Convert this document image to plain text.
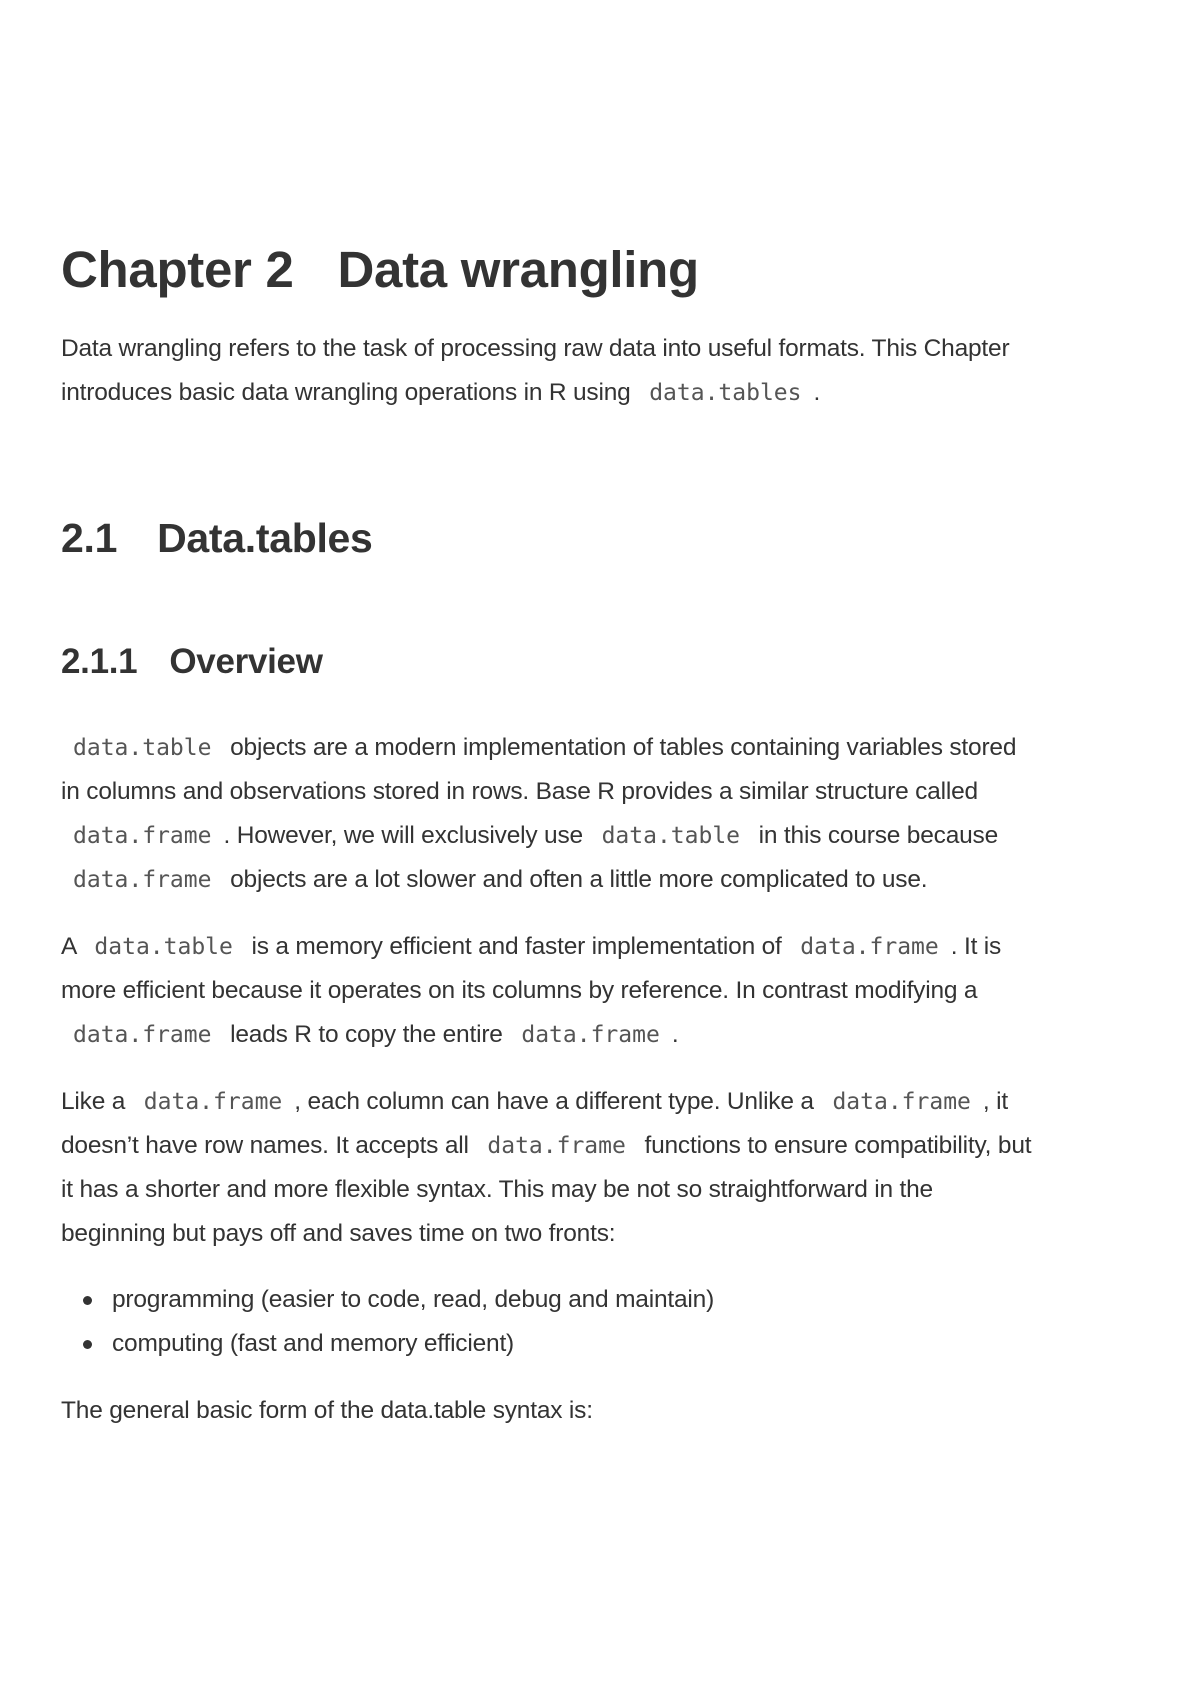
Chapter 2 Data wrangling

Data wrangling refers to the task of processing raw data into useful formats. This Chapter
introduces basic data wrangling operations in R using data.tables .

2.1 Data.tables
2.1.1 Overview

data.table objects are a modern implementation of tables containing variables stored
in columns and observations stored in rows. Base R provides a similar structure called
data.frame . However, we will exclusively use data.table in this course because
data.frame objects are a lot slower and often a little more complicated to use.

A data.table is a memory efficient and faster implementation of data.frame . It is
more efficient because it operates on its columns by reference. In contrast modifying a
data.frame leads R to copy the entire data.frame .

Like a data.frame , each column can have a different type. Unlike a data.frame , it
doesn’t have row names. It accepts all data.frame functions to ensure compatibility, but
it has a shorter and more flexible syntax. This may be not so straightforward in the
beginning but pays off and saves time on two fronts:

programming (easier to code, read, debug and maintain)
computing (fast and memory efficient)

The general basic form of the data.table syntax is:
